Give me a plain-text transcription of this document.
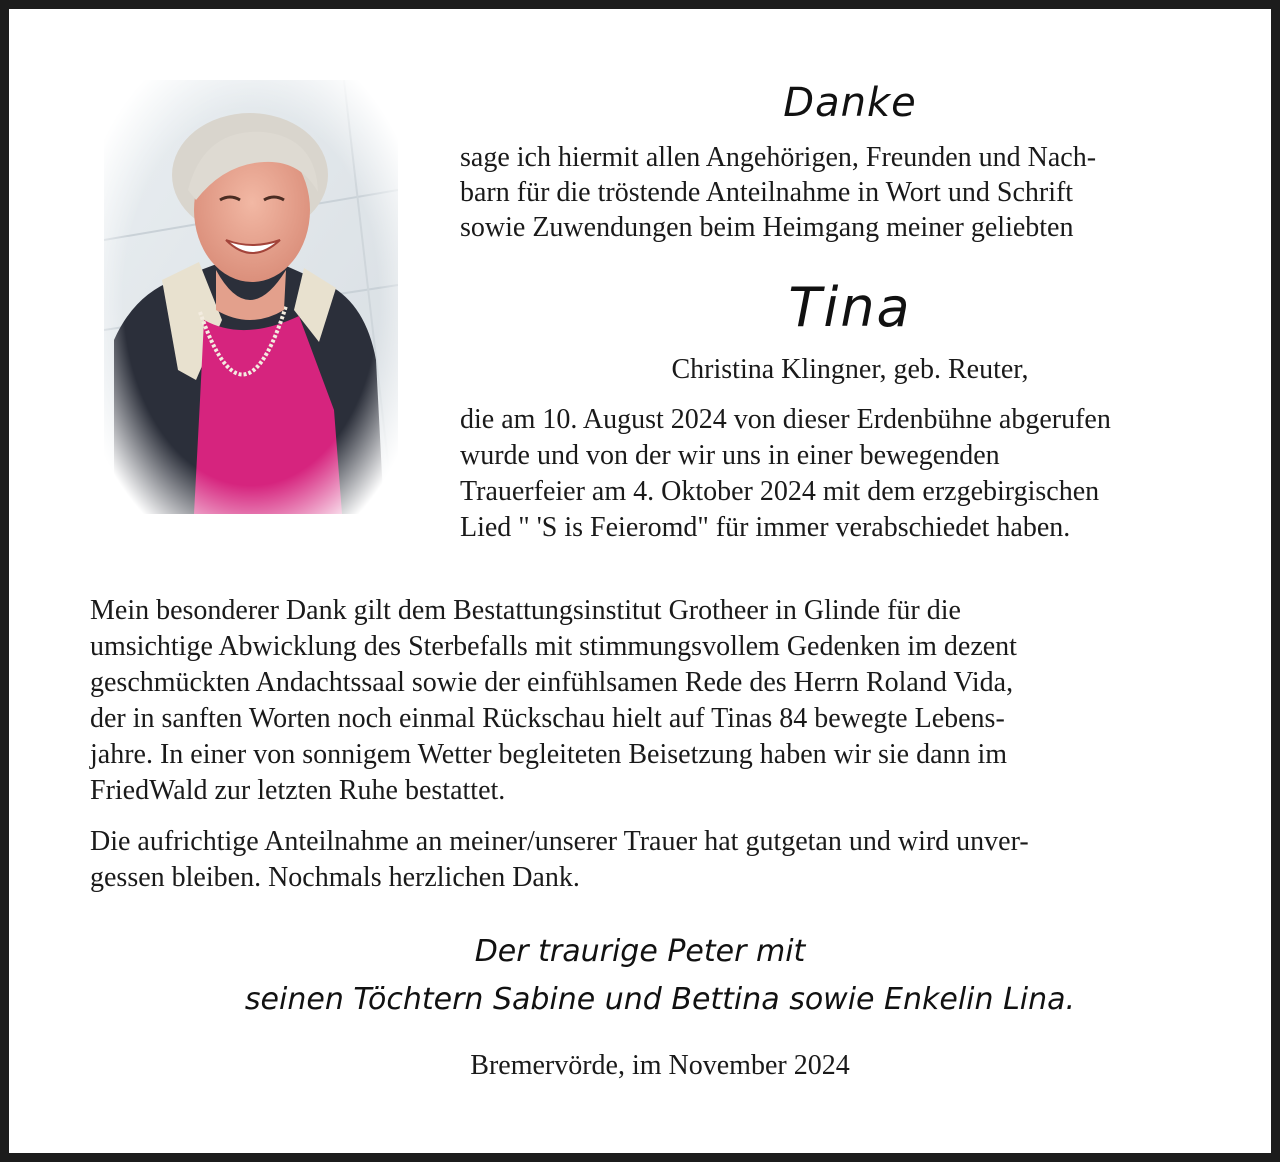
Danke
sage ich hiermit allen Angehörigen, Freunden und Nach-
barn für die tröstende Anteilnahme in Wort und Schrift
sowie Zuwendungen beim Heimgang meiner geliebten
Tina
Christina Klingner, geb. Reuter,
die am 10. August 2024 von dieser Erdenbühne abgerufen
wurde und von der wir uns in einer bewegenden
Trauerfeier am 4. Oktober 2024 mit dem erzgebirgischen
Lied " 'S is Feieromd" für immer verabschiedet haben.
Mein besonderer Dank gilt dem Bestattungsinstitut Grotheer in Glinde für die
umsichtige Abwicklung des Sterbefalls mit stimmungsvollem Gedenken im dezent
geschmückten Andachtssaal sowie der einfühlsamen Rede des Herrn Roland Vida,
der in sanften Worten noch einmal Rückschau hielt auf Tinas 84 bewegte Lebens-
jahre. In einer von sonnigem Wetter begleiteten Beisetzung haben wir sie dann im
FriedWald zur letzten Ruhe bestattet.
Die aufrichtige Anteilnahme an meiner/unserer Trauer hat gutgetan und wird unver-
gessen bleiben. Nochmals herzlichen Dank.
Der traurige Peter mit
seinen Töchtern Sabine und Bettina sowie Enkelin Lina.
Bremervörde, im November 2024
